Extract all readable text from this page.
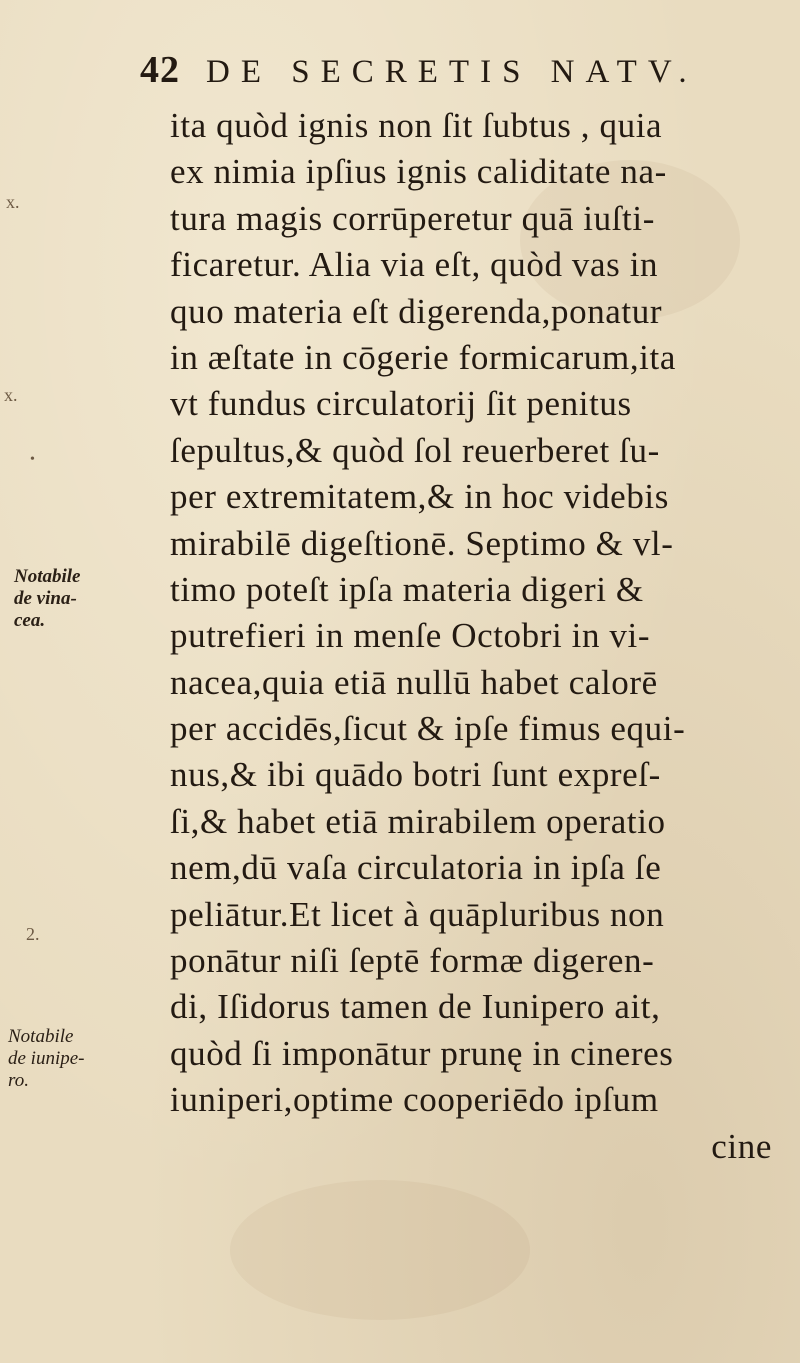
42 DE SECRETIS NATV.
x.
x.
•
2.
Notabile
de vina-
cea.
Notabile
de iunipe-
ro.
ita quòd ignis non ſit ſubtus , quia
ex nimia ipſius ignis caliditate na-
tura magis corrūperetur quā iuſti-
ficaretur. Alia via eſt, quòd vas in
quo materia eſt digerenda,ponatur
in æſtate in cōgerie formicarum,ita
vt fundus circulatorij ſit penitus
ſepultus,& quòd ſol reuerberet ſu-
per extremitatem,& in hoc videbis
mirabilē digeſtionē. Septimo & vl-
timo poteſt ipſa materia digeri &
putrefieri in menſe Octobri in vi-
nacea,quia etiā nullū habet calorē
per accidēs,ſicut & ipſe fimus equi-
nus,& ibi quādo botri ſunt expreſ-
ſi,& habet etiā mirabilem operatio
nem,dū vaſa circulatoria in ipſa ſe
peliātur.Et licet à quāpluribus non
ponātur niſi ſeptē formæ digeren-
di, Iſidorus tamen de Iunipero ait,
quòd ſi imponātur prunę in cineres
iuniperi,optime cooperiēdo ipſum
cine
